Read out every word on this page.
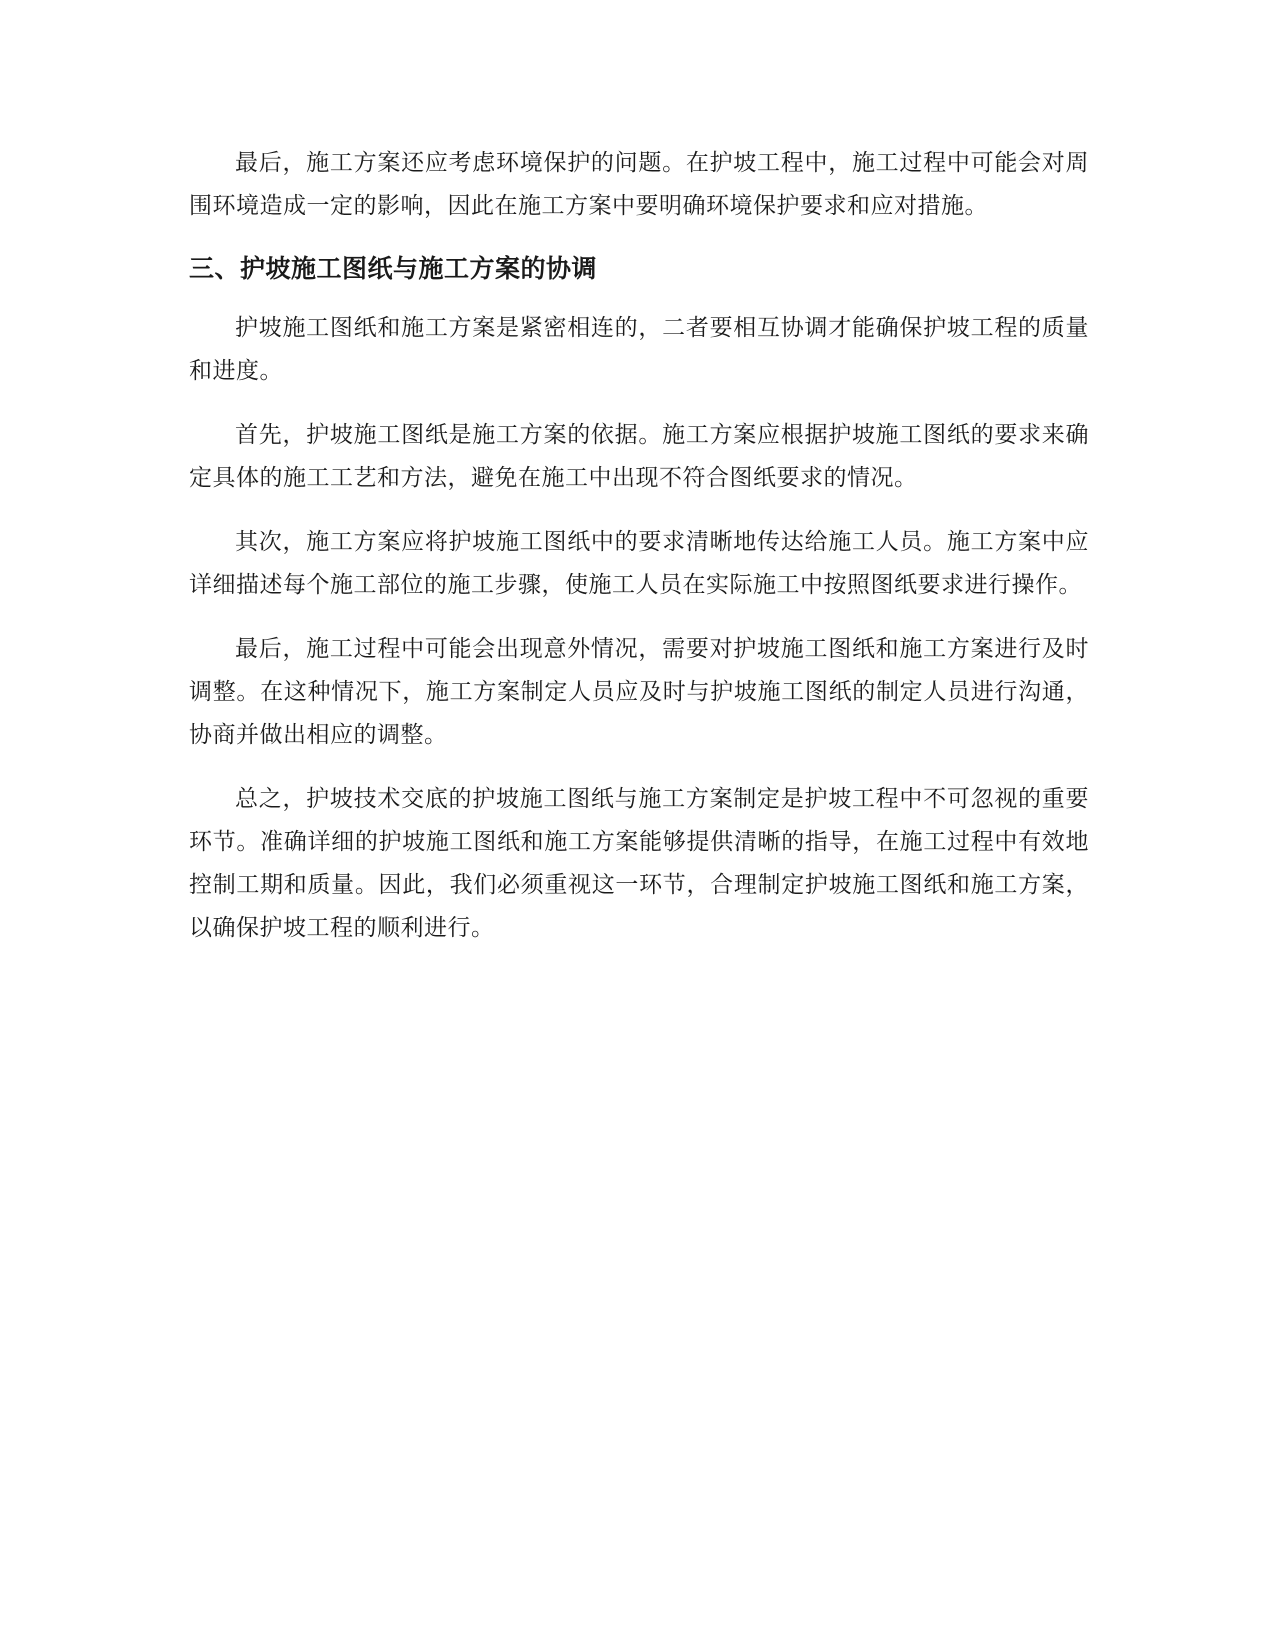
最后，施工方案还应考虑环境保护的问题。在护坡工程中，施工过程中可能会对周围环境造成一定的影响，因此在施工方案中要明确环境保护要求和应对措施。

三、护坡施工图纸与施工方案的协调

护坡施工图纸和施工方案是紧密相连的，二者要相互协调才能确保护坡工程的质量和进度。

首先，护坡施工图纸是施工方案的依据。施工方案应根据护坡施工图纸的要求来确定具体的施工工艺和方法，避免在施工中出现不符合图纸要求的情况。

其次，施工方案应将护坡施工图纸中的要求清晰地传达给施工人员。施工方案中应详细描述每个施工部位的施工步骤，使施工人员在实际施工中按照图纸要求进行操作。

最后，施工过程中可能会出现意外情况，需要对护坡施工图纸和施工方案进行及时调整。在这种情况下，施工方案制定人员应及时与护坡施工图纸的制定人员进行沟通，协商并做出相应的调整。

总之，护坡技术交底的护坡施工图纸与施工方案制定是护坡工程中不可忽视的重要环节。准确详细的护坡施工图纸和施工方案能够提供清晰的指导，在施工过程中有效地控制工期和质量。因此，我们必须重视这一环节，合理制定护坡施工图纸和施工方案，以确保护坡工程的顺利进行。
